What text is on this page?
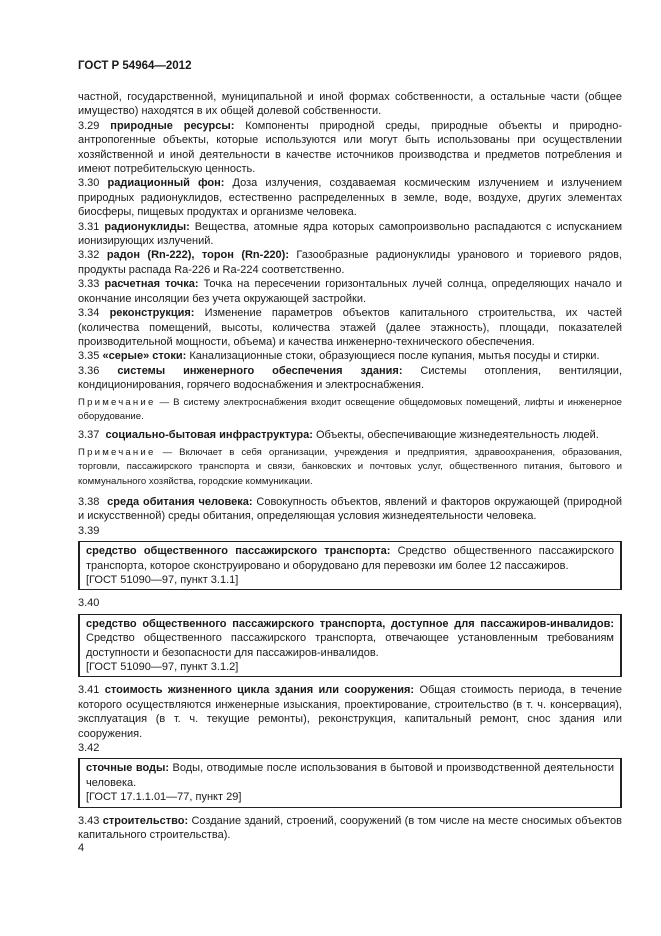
ГОСТ Р 54964—2012

частной, государственной, муниципальной и иной формах собственности, а остальные части (общее имущество) находятся в их общей долевой собственности.

3.29 природные ресурсы: Компоненты природной среды, природные объекты и природно-антропогенные объекты, которые используются или могут быть использованы при осуществлении хозяйственной и иной деятельности в качестве источников производства и предметов потребления и имеют потребительскую ценность.

3.30 радиационный фон: Доза излучения, создаваемая космическим излучением и излучением природных радионуклидов, естественно распределенных в земле, воде, воздухе, других элементах биосферы, пищевых продуктах и организме человека.

3.31 радионуклиды: Вещества, атомные ядра которых самопроизвольно распадаются с испусканием ионизирующих излучений.

3.32 радон (Rn-222), торон (Rn-220): Газообразные радионуклиды уранового и ториевого рядов, продукты распада Ra-226 и Ra-224 соответственно.

3.33 расчетная точка: Точка на пересечении горизонтальных лучей солнца, определяющих начало и окончание инсоляции без учета окружающей застройки.

3.34 реконструкция: Изменение параметров объектов капитального строительства, их частей (количества помещений, высоты, количества этажей (далее этажность), площади, показателей производительной мощности, объема) и качества инженерно-технического обеспечения.

3.35 «серые» стоки: Канализационные стоки, образующиеся после купания, мытья посуды и стирки.

3.36 системы инженерного обеспечения здания: Системы отопления, вентиляции, кондиционирования, горячего водоснабжения и электроснабжения.

Примечание — В систему электроснабжения входит освещение общедомовых помещений, лифты и инженерное оборудование.

3.37 социально-бытовая инфраструктура: Объекты, обеспечивающие жизнедеятельность людей.

Примечание — Включает в себя организации, учреждения и предприятия, здравоохранения, образования, торговли, пассажирского транспорта и связи, банковских и почтовых услуг, общественного питания, бытового и коммунального хозяйства, городские коммуникации.

3.38 среда обитания человека: Совокупность объектов, явлений и факторов окружающей (природной и искусственной) среды обитания, определяющая условия жизнедеятельности человека.

3.39

средство общественного пассажирского транспорта: Средство общественного пассажирского транспорта, которое сконструировано и оборудовано для перевозки им более 12 пассажиров.
[ГОСТ 51090—97, пункт 3.1.1]

3.40

средство общественного пассажирского транспорта, доступное для пассажиров-инвалидов: Средство общественного пассажирского транспорта, отвечающее установленным требованиям доступности и безопасности для пассажиров-инвалидов.
[ГОСТ 51090—97, пункт 3.1.2]

3.41 стоимость жизненного цикла здания или сооружения: Общая стоимость периода, в течение которого осуществляются инженерные изыскания, проектирование, строительство (в т. ч. консервация), эксплуатация (в т. ч. текущие ремонты), реконструкция, капитальный ремонт, снос здания или сооружения.

3.42

сточные воды: Воды, отводимые после использования в бытовой и производственной деятельности человека.
[ГОСТ 17.1.1.01—77, пункт 29]

3.43 строительство: Создание зданий, строений, сооружений (в том числе на месте сносимых объектов капитального строительства).

4
